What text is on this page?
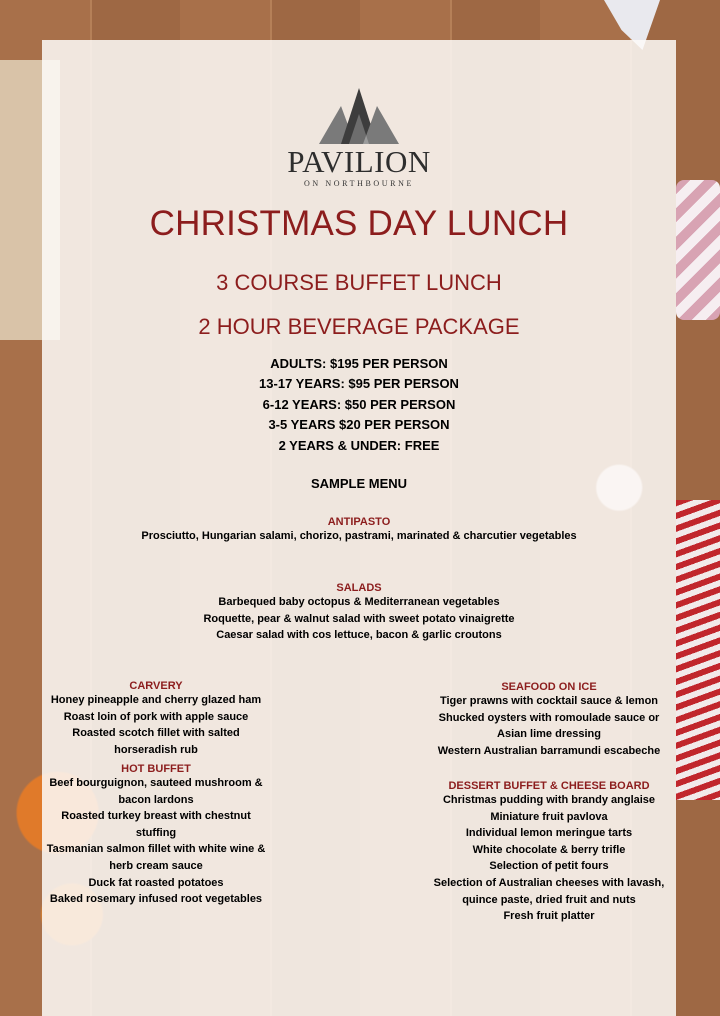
PAVILION
ON NORTHBOURNE
CHRISTMAS DAY LUNCH
3 COURSE BUFFET LUNCH
2 HOUR BEVERAGE PACKAGE
ADULTS: $195 PER PERSON
13-17 YEARS: $95 PER PERSON
6-12 YEARS: $50 PER PERSON
3-5 YEARS $20 PER PERSON
2 YEARS & UNDER: FREE
SAMPLE MENU
ANTIPASTO
Prosciutto, Hungarian salami, chorizo, pastrami, marinated & charcutier vegetables
SALADS
Barbequed baby octopus & Mediterranean vegetables
Roquette, pear & walnut salad with sweet potato vinaigrette
Caesar salad with cos lettuce, bacon & garlic croutons
CARVERY
Honey pineapple and cherry glazed ham
Roast loin of pork with apple sauce
Roasted scotch fillet with salted horseradish rub
HOT BUFFET
Beef bourguignon, sauteed mushroom &
bacon lardons
Roasted turkey breast with chestnut stuffing
Tasmanian salmon fillet with white wine &
herb cream sauce
Duck fat roasted potatoes
Baked rosemary infused root vegetables
SEAFOOD ON ICE
Tiger prawns with cocktail sauce & lemon
Shucked oysters with romoulade sauce or
Asian lime dressing
Western Australian barramundi escabeche
DESSERT BUFFET & CHEESE BOARD
Christmas pudding with brandy anglaise
Miniature fruit pavlova
Individual lemon meringue tarts
White chocolate & berry trifle
Selection of petit fours
Selection of Australian cheeses with lavash,
quince paste, dried fruit and nuts
Fresh fruit platter
